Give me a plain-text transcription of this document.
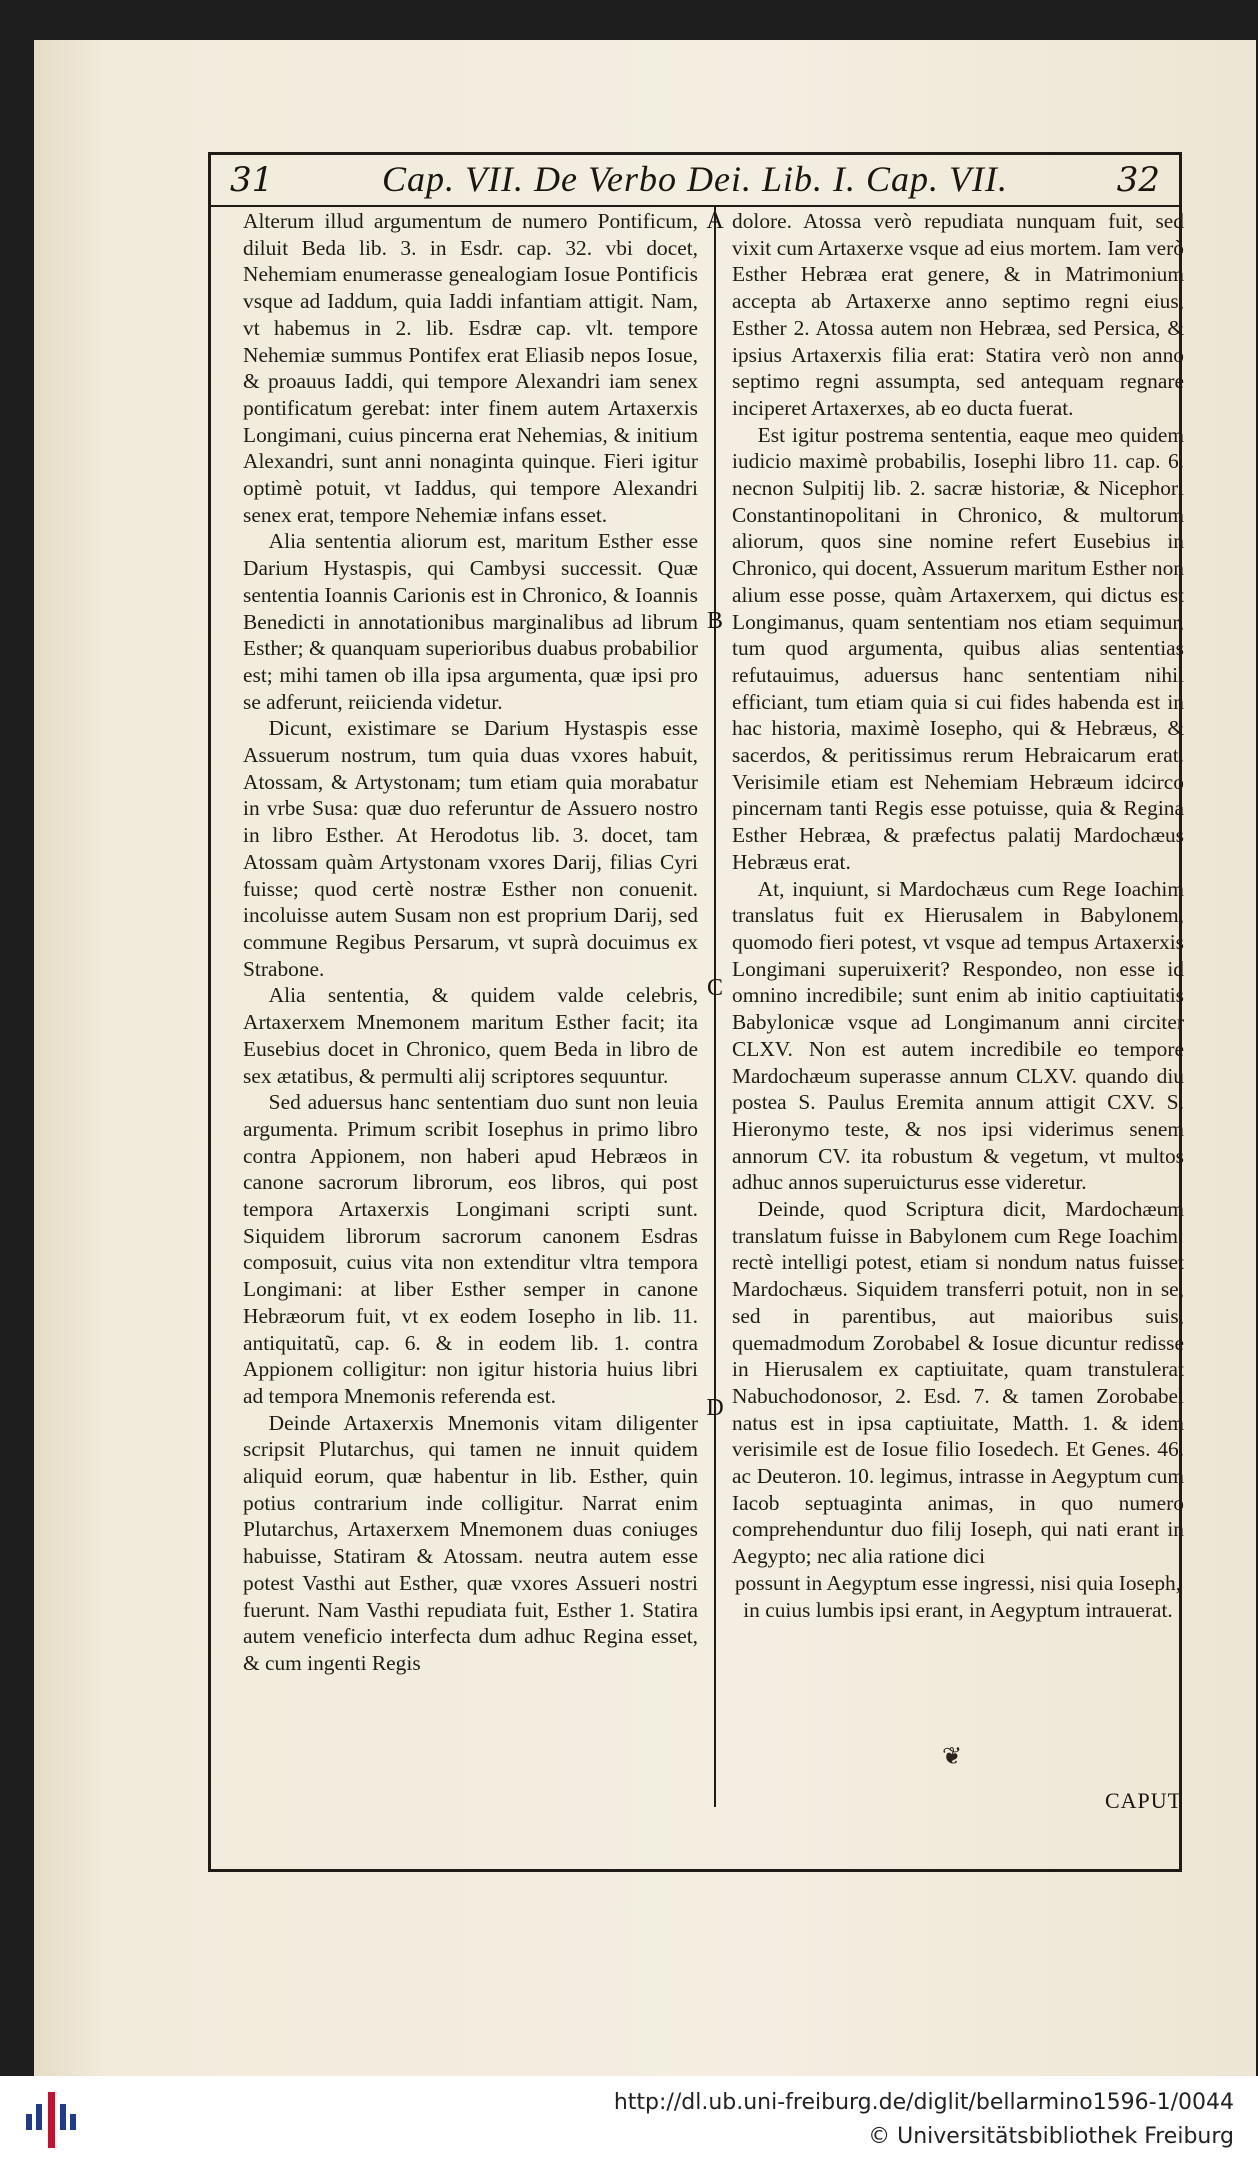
31	Cap. VII. De Verbo Dei. Lib. I. Cap. VII.	32
A
B
C
D

Alterum illud argumentum de numero Pontificum, diluit Beda lib. 3. in Esdr. cap. 32. vbi docet, Nehemiam enumerasse genealogiam Iosue Pontificis vsque ad Iaddum, quia Iaddi infantiam attigit. Nam, vt habemus in 2. lib. Esdræ cap. vlt. tempore Nehemiæ summus Pontifex erat Eliasib nepos Iosue, & proauus Iaddi, qui tempore Alexandri iam senex pontificatum gerebat: inter finem autem Artaxerxis Longimani, cuius pincerna erat Nehemias, & initium Alexandri, sunt anni nonaginta quinque. Fieri igitur optimè potuit, vt Iaddus, qui tempore Alexandri senex erat, tempore Nehemiæ infans esset.

Alia sententia aliorum est, maritum Esther esse Darium Hystaspis, qui Cambysi successit. Quæ sententia Ioannis Carionis est in Chronico, & Ioannis Benedicti in annotationibus marginalibus ad librum Esther; & quanquam superioribus duabus probabilior est; mihi tamen ob illa ipsa argumenta, quæ ipsi pro se adferunt, reiicienda videtur.

Dicunt, existimare se Darium Hystaspis esse Assuerum nostrum, tum quia duas vxores habuit, Atossam, & Artystonam; tum etiam quia morabatur in vrbe Susa: quæ duo referuntur de Assuero nostro in libro Esther. At Herodotus lib. 3. docet, tam Atossam quàm Artystonam vxores Darij, filias Cyri fuisse; quod certè nostræ Esther non conuenit. incoluisse autem Susam non est proprium Darij, sed commune Regibus Persarum, vt suprà docuimus ex Strabone.

Alia sententia, & quidem valde celebris, Artaxerxem Mnemonem maritum Esther facit; ita Eusebius docet in Chronico, quem Beda in libro de sex ætatibus, & permulti alij scriptores sequuntur.

Sed aduersus hanc sententiam duo sunt non leuia argumenta. Primum scribit Iosephus in primo libro contra Appionem, non haberi apud Hebræos in canone sacrorum librorum, eos libros, qui post tempora Artaxerxis Longimani scripti sunt. Siquidem librorum sacrorum canonem Esdras composuit, cuius vita non extenditur vltra tempora Longimani: at liber Esther semper in canone Hebræorum fuit, vt ex eodem Iosepho in lib. 11. antiquitatũ, cap. 6. & in eodem lib. 1. contra Appionem colligitur: non igitur historia huius libri ad tempora Mnemonis referenda est.

Deinde Artaxerxis Mnemonis vitam diligenter scripsit Plutarchus, qui tamen ne innuit quidem aliquid eorum, quæ habentur in lib. Esther, quin potius contrarium inde colligitur. Narrat enim Plutarchus, Artaxerxem Mnemonem duas coniuges habuisse, Statiram & Atossam. neutra autem esse potest Vasthi aut Esther, quæ vxores Assueri nostri fuerunt. Nam Vasthi repudiata fuit, Esther 1. Statira autem veneficio interfecta dum adhuc Regina esset, & cum ingenti Regis

dolore. Atossa verò repudiata nunquam fuit, sed vixit cum Artaxerxe vsque ad eius mortem. Iam verò Esther Hebræa erat genere, & in Matrimonium accepta ab Artaxerxe anno septimo regni eius, Esther 2. Atossa autem non Hebræa, sed Persica, & ipsius Artaxerxis filia erat: Statira verò non anno septimo regni assumpta, sed antequam regnare inciperet Artaxerxes, ab eo ducta fuerat.

Est igitur postrema sententia, eaque meo quidem iudicio maximè probabilis, Iosephi libro 11. cap. 6. necnon Sulpitij lib. 2. sacræ historiæ, & Nicephori Constantinopolitani in Chronico, & multorum aliorum, quos sine nomine refert Eusebius in Chronico, qui docent, Assuerum maritum Esther non alium esse posse, quàm Artaxerxem, qui dictus est Longimanus, quam sententiam nos etiam sequimur, tum quod argumenta, quibus alias sententias refutauimus, aduersus hanc sententiam nihil efficiant, tum etiam quia si cui fides habenda est in hac historia, maximè Iosepho, qui & Hebræus, & sacerdos, & peritissimus rerum Hebraicarum erat. Verisimile etiam est Nehemiam Hebræum idcirco pincernam tanti Regis esse potuisse, quia & Regina Esther Hebræa, & præfectus palatij Mardochæus Hebræus erat.

At, inquiunt, si Mardochæus cum Rege Ioachim translatus fuit ex Hierusalem in Babylonem, quomodo fieri potest, vt vsque ad tempus Artaxerxis Longimani superuixerit? Respondeo, non esse id omnino incredibile; sunt enim ab initio captiuitatis Babylonicæ vsque ad Longimanum anni circiter CLXV. Non est autem incredibile eo tempore Mardochæum superasse annum CLXV. quando diu postea S. Paulus Eremita annum attigit CXV. S. Hieronymo teste, & nos ipsi viderimus senem annorum CV. ita robustum & vegetum, vt multos adhuc annos superuicturus esse videretur.

Deinde, quod Scriptura dicit, Mardochæum translatum fuisse in Babylonem cum Rege Ioachim: rectè intelligi potest, etiam si nondum natus fuisset Mardochæus. Siquidem transferri potuit, non in se, sed in parentibus, aut maioribus suis, quemadmodum Zorobabel & Iosue dicuntur redisse in Hierusalem ex captiuitate, quam transtulerat Nabuchodonosor, 2. Esd. 7. & tamen Zorobabel natus est in ipsa captiuitate, Matth. 1. & idem verisimile est de Iosue filio Iosedech. Et Genes. 46. ac Deuteron. 10. legimus, intrasse in Aegyptum cum Iacob septuaginta animas, in quo numero comprehenduntur duo filij Ioseph, qui nati erant in Aegypto; nec alia ratione dici

possunt in Aegyptum esse ingressi, nisi quia Ioseph, in cuius lumbis ipsi erant, in Aegyptum intrauerat.

❦
CAPUT
http://dl.ub.uni-freiburg.de/diglit/bellarmino1596-1/0044
© Universitätsbibliothek Freiburg
